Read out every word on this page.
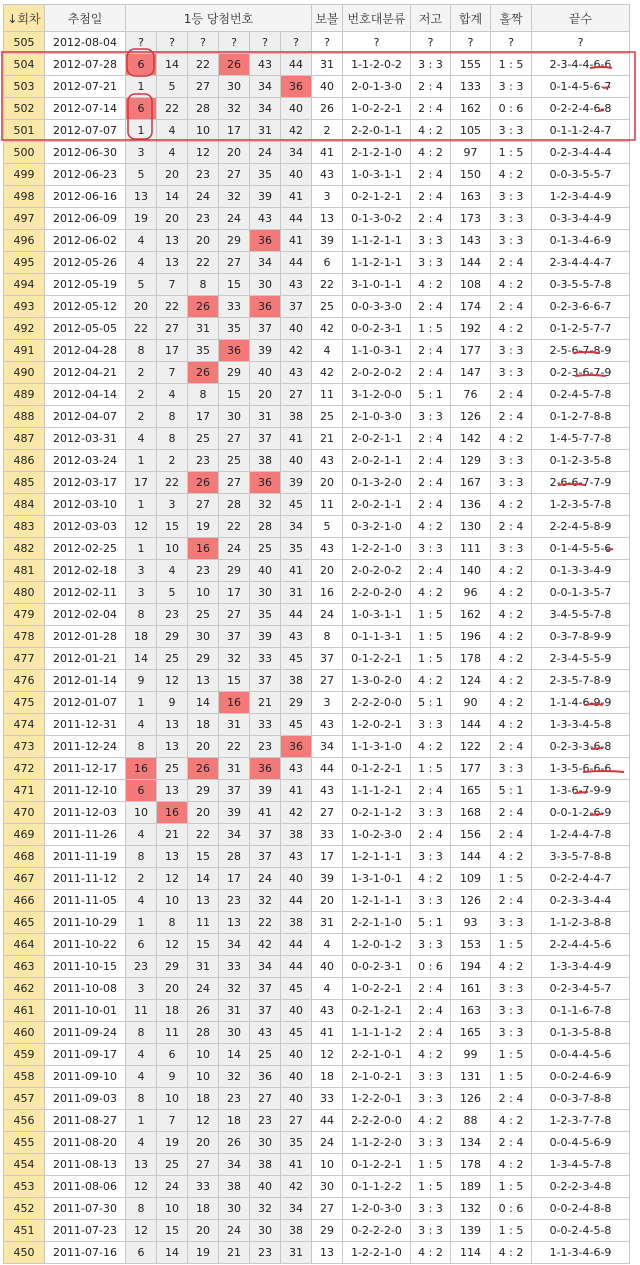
↓회차	추첨일	1등 당첨번호						보볼	번호대분류	저고	합계	홀짝	끝수
505	2012-08-04	?	?	?	?	?	?	?	?	?	?	?	?
504	2012-07-28	6	14	22	26	43	44	31	1-1-2-0-2	3 : 3	155	1 : 5	2-3-4-4-6-6
503	2012-07-21	1	5	27	30	34	36	40	2-0-1-3-0	2 : 4	133	3 : 3	0-1-4-5-6-7
502	2012-07-14	6	22	28	32	34	40	26	1-0-2-2-1	2 : 4	162	0 : 6	0-2-2-4-6-8
501	2012-07-07	1	4	10	17	31	42	2	2-2-0-1-1	4 : 2	105	3 : 3	0-1-1-2-4-7
500	2012-06-30	3	4	12	20	24	34	41	2-1-2-1-0	4 : 2	97	1 : 5	0-2-3-4-4-4
499	2012-06-23	5	20	23	27	35	40	43	1-0-3-1-1	2 : 4	150	4 : 2	0-0-3-5-5-7
498	2012-06-16	13	14	24	32	39	41	3	0-2-1-2-1	2 : 4	163	3 : 3	1-2-3-4-4-9
497	2012-06-09	19	20	23	24	43	44	13	0-1-3-0-2	2 : 4	173	3 : 3	0-3-3-4-4-9
496	2012-06-02	4	13	20	29	36	41	39	1-1-2-1-1	3 : 3	143	3 : 3	0-1-3-4-6-9
495	2012-05-26	4	13	22	27	34	44	6	1-1-2-1-1	3 : 3	144	2 : 4	2-3-4-4-4-7
494	2012-05-19	5	7	8	15	30	43	22	3-1-0-1-1	4 : 2	108	4 : 2	0-3-5-5-7-8
493	2012-05-12	20	22	26	33	36	37	25	0-0-3-3-0	2 : 4	174	2 : 4	0-2-3-6-6-7
492	2012-05-05	22	27	31	35	37	40	42	0-0-2-3-1	1 : 5	192	4 : 2	0-1-2-5-7-7
491	2012-04-28	8	17	35	36	39	42	4	1-1-0-3-1	2 : 4	177	3 : 3	2-5-6-7-8-9
490	2012-04-21	2	7	26	29	40	43	42	2-0-2-0-2	2 : 4	147	3 : 3	0-2-3-6-7-9
489	2012-04-14	2	4	8	15	20	27	11	3-1-2-0-0	5 : 1	76	2 : 4	0-2-4-5-7-8
488	2012-04-07	2	8	17	30	31	38	25	2-1-0-3-0	3 : 3	126	2 : 4	0-1-2-7-8-8
487	2012-03-31	4	8	25	27	37	41	21	2-0-2-1-1	2 : 4	142	4 : 2	1-4-5-7-7-8
486	2012-03-24	1	2	23	25	38	40	43	2-0-2-1-1	2 : 4	129	3 : 3	0-1-2-3-5-8
485	2012-03-17	17	22	26	27	36	39	20	0-1-3-2-0	2 : 4	167	3 : 3	2-6-6-7-7-9
484	2012-03-10	1	3	27	28	32	45	11	2-0-2-1-1	2 : 4	136	4 : 2	1-2-3-5-7-8
483	2012-03-03	12	15	19	22	28	34	5	0-3-2-1-0	4 : 2	130	2 : 4	2-2-4-5-8-9
482	2012-02-25	1	10	16	24	25	35	43	1-2-2-1-0	3 : 3	111	3 : 3	0-1-4-5-5-6
481	2012-02-18	3	4	23	29	40	41	20	2-0-2-0-2	2 : 4	140	4 : 2	0-1-3-3-4-9
480	2012-02-11	3	5	10	17	30	31	16	2-2-0-2-0	4 : 2	96	4 : 2	0-0-1-3-5-7
479	2012-02-04	8	23	25	27	35	44	24	1-0-3-1-1	1 : 5	162	4 : 2	3-4-5-5-7-8
478	2012-01-28	18	29	30	37	39	43	8	0-1-1-3-1	1 : 5	196	4 : 2	0-3-7-8-9-9
477	2012-01-21	14	25	29	32	33	45	37	0-1-2-2-1	1 : 5	178	4 : 2	2-3-4-5-5-9
476	2012-01-14	9	12	13	15	37	38	27	1-3-0-2-0	4 : 2	124	4 : 2	2-3-5-7-8-9
475	2012-01-07	1	9	14	16	21	29	3	2-2-2-0-0	5 : 1	90	4 : 2	1-1-4-6-9-9
474	2011-12-31	4	13	18	31	33	45	43	1-2-0-2-1	3 : 3	144	4 : 2	1-3-3-4-5-8
473	2011-12-24	8	13	20	22	23	36	34	1-1-3-1-0	4 : 2	122	2 : 4	0-2-3-3-6-8
472	2011-12-17	16	25	26	31	36	43	44	0-1-2-2-1	1 : 5	177	3 : 3	1-3-5-6-6-6
471	2011-12-10	6	13	29	37	39	41	43	1-1-1-2-1	2 : 4	165	5 : 1	1-3-6-7-9-9
470	2011-12-03	10	16	20	39	41	42	27	0-2-1-1-2	3 : 3	168	2 : 4	0-0-1-2-6-9
469	2011-11-26	4	21	22	34	37	38	33	1-0-2-3-0	2 : 4	156	2 : 4	1-2-4-4-7-8
468	2011-11-19	8	13	15	28	37	43	17	1-2-1-1-1	3 : 3	144	4 : 2	3-3-5-7-8-8
467	2011-11-12	2	12	14	17	24	40	39	1-3-1-0-1	4 : 2	109	1 : 5	0-2-2-4-4-7
466	2011-11-05	4	10	13	23	32	44	20	1-2-1-1-1	3 : 3	126	2 : 4	0-2-3-3-4-4
465	2011-10-29	1	8	11	13	22	38	31	2-2-1-1-0	5 : 1	93	3 : 3	1-1-2-3-8-8
464	2011-10-22	6	12	15	34	42	44	4	1-2-0-1-2	3 : 3	153	1 : 5	2-2-4-4-5-6
463	2011-10-15	23	29	31	33	34	44	40	0-0-2-3-1	0 : 6	194	4 : 2	1-3-3-4-4-9
462	2011-10-08	3	20	24	32	37	45	4	1-0-2-2-1	2 : 4	161	3 : 3	0-2-3-4-5-7
461	2011-10-01	11	18	26	31	37	40	43	0-2-1-2-1	2 : 4	163	3 : 3	0-1-1-6-7-8
460	2011-09-24	8	11	28	30	43	45	41	1-1-1-1-2	2 : 4	165	3 : 3	0-1-3-5-8-8
459	2011-09-17	4	6	10	14	25	40	12	2-2-1-0-1	4 : 2	99	1 : 5	0-0-4-4-5-6
458	2011-09-10	4	9	10	32	36	40	18	2-1-0-2-1	3 : 3	131	1 : 5	0-0-2-4-6-9
457	2011-09-03	8	10	18	23	27	40	33	1-2-2-0-1	3 : 3	126	2 : 4	0-0-3-7-8-8
456	2011-08-27	1	7	12	18	23	27	44	2-2-2-0-0	4 : 2	88	4 : 2	1-2-3-7-7-8
455	2011-08-20	4	19	20	26	30	35	24	1-1-2-2-0	3 : 3	134	2 : 4	0-0-4-5-6-9
454	2011-08-13	13	25	27	34	38	41	10	0-1-2-2-1	1 : 5	178	4 : 2	1-3-4-5-7-8
453	2011-08-06	12	24	33	38	40	42	30	0-1-1-2-2	1 : 5	189	1 : 5	0-2-2-3-4-8
452	2011-07-30	8	10	18	30	32	34	27	1-2-0-3-0	3 : 3	132	0 : 6	0-0-2-4-8-8
451	2011-07-23	12	15	20	24	30	38	29	0-2-2-2-0	3 : 3	139	1 : 5	0-0-2-4-5-8
450	2011-07-16	6	14	19	21	23	31	13	1-2-2-1-0	4 : 2	114	4 : 2	1-1-3-4-6-9
